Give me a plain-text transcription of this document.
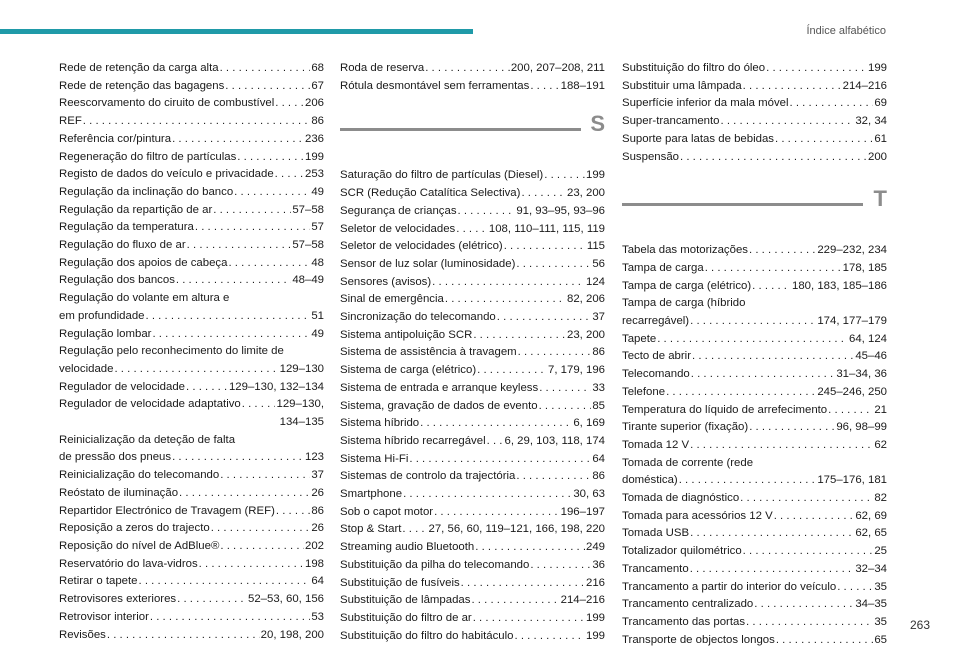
Índice alfabético
Rede de retenção da carga alta . . .	68
Rede de retenção das bagagens . . .	67
Reescorvamento do ciruito de combustível . . .	206
REF . . .	86
Referência cor/pintura . . .	236
Regeneração do filtro de partículas . . .	199
Registo de dados do veículo e privacidade . . .	253
Regulação da inclinação do banco . . .	49
Regulação da repartição de ar . . .	57–58
Regulação da temperatura . . .	57
Regulação do fluxo de ar . . .	57–58
Regulação dos apoios de cabeça . . .	48
Regulação dos bancos . . .	48–49
Regulação do volante em altura e
em profundidade . . .	51
Regulação lombar . . .	49
Regulação pelo reconhecimento do limite de
velocidade . . .	129–130
Regulador de velocidade . . .	129–130, 132–134
Regulador de velocidade adaptativo . . .	129–130,
134–135
Reinicialização da deteção de falta
de pressão dos pneus . . .	123
Reinicialização do telecomando . . .	37
Reóstato de iluminação . . .	26
Repartidor Electrónico de Travagem (REF) . . .	86
Reposição a zeros do trajecto . . .	26
Reposição do nível de AdBlue® . . .	202
Reservatório do lava-vidros . . .	198
Retirar o tapete . . .	64
Retrovisores exteriores . . .	52–53, 60, 156
Retrovisor interior . . .	53
Revisões . . .	20, 198, 200
Roda de reserva . . .	200, 207–208, 211
Rótula desmontável sem ferramentas . . .	188–191
S
Saturação do filtro de partículas (Diesel) . . .	199
SCR (Redução Catalítica Selectiva) . . .	23, 200
Segurança de crianças . . .	91, 93–95, 93–96
Seletor de velocidades . . .	108, 110–111, 115, 119
Seletor de velocidades (elétrico) . . .	115
Sensor de luz solar (luminosidade) . . .	56
Sensores (avisos) . . .	124
Sinal de emergência . . .	82, 206
Sincronização do telecomando . . .	37
Sistema antipoluição SCR . . .	23, 200
Sistema de assistência à travagem . . .	86
Sistema de carga (elétrico) . . .	7, 179, 196
Sistema de entrada e arranque keyless . . .	33
Sistema, gravação de dados de evento . . .	85
Sistema híbrido . . .	6, 169
Sistema híbrido recarregável . . . 6, 29, 103, 118, 174
Sistema Hi-Fi . . .	64
Sistemas de controlo da trajectória . . .	86
Smartphone . . .	30, 63
Sob o capot motor . . .	196–197
Stop & Start . . . 27, 56, 60, 119–121, 166, 198, 220
Streaming audio Bluetooth . . .	249
Substituição da pilha do telecomando . . .	36
Substituição de fusíveis . . .	216
Substituição de lâmpadas . . .	214–216
Substituição do filtro de ar . . .	199
Substituição do filtro do habitáculo . . .	199
Substituição do filtro do óleo . . .	199
Substituir uma lâmpada . . .	214–216
Superfície inferior da mala móvel . . .	69
Super-trancamento . . .	32, 34
Suporte para latas de bebidas . . .	61
Suspensão . . .	200
T
Tabela das motorizações . . .	229–232, 234
Tampa de carga . . .	178, 185
Tampa de carga (elétrico) . . .	180, 183, 185–186
Tampa de carga (híbrido
recarregável) . . .	174, 177–179
Tapete . . .	64, 124
Tecto de abrir . . .	45–46
Telecomando . . .	31–34, 36
Telefone . . .	245–246, 250
Temperatura do líquido de arrefecimento . . .	21
Tirante superior (fixação) . . .	96, 98–99
Tomada 12 V . . .	62
Tomada de corrente (rede
doméstica) . . .	175–176, 181
Tomada de diagnóstico . . .	82
Tomada para acessórios 12 V . . .	62, 69
Tomada USB . . .	62, 65
Totalizador quilométrico . . .	25
Trancamento . . .	32–34
Trancamento a partir do interior do veículo . . .	35
Trancamento centralizado . . .	34–35
Trancamento das portas . . .	35
Transporte de objectos longos . . .	65
263
